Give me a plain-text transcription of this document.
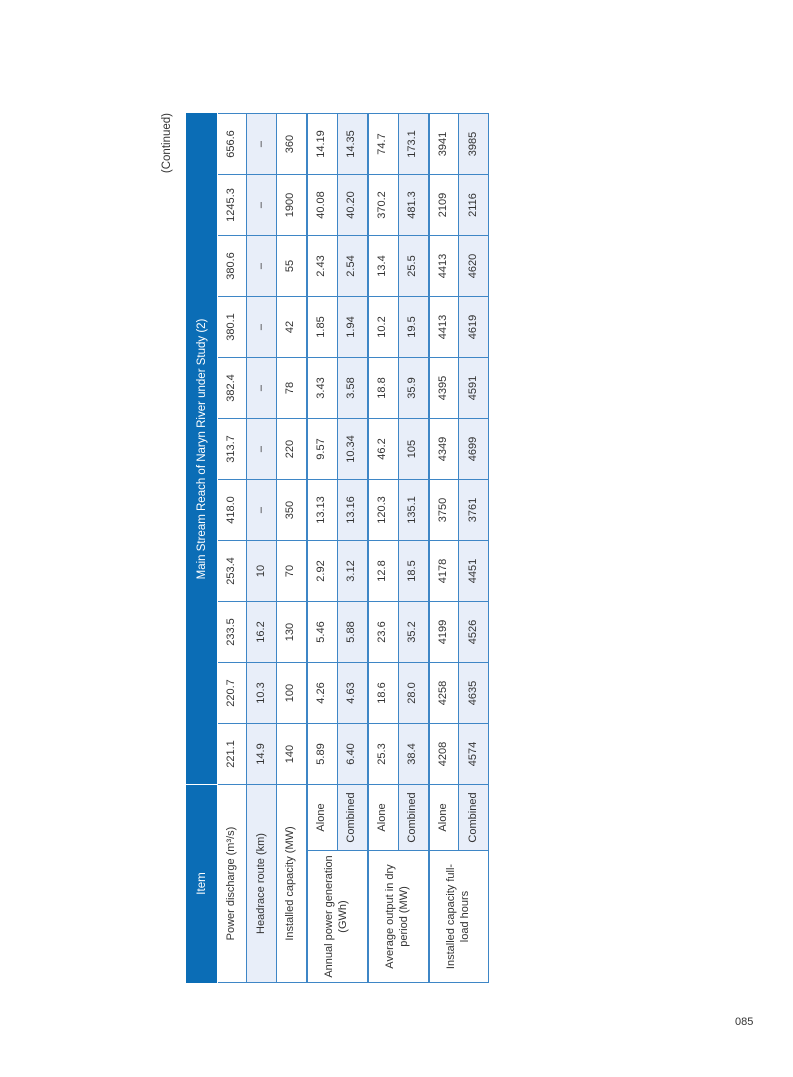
(Continued)
Item		Main Stream Reach of Naryn River under Study (2)										
Power discharge (m³/s)		221.1	220.7	233.5	253.4	418.0	313.7	382.4	380.1	380.6	1245.3	656.6
Headrace route (km)		14.9	10.3	16.2	10	–	–	–	–	–	–	–
Installed capacity (MW)		140	100	130	70	350	220	78	42	55	1900	360
Annual power generation (GWh)	Alone	5.89	4.26	5.46	2.92	13.13	9.57	3.43	1.85	2.43	40.08	14.19
	Combined	6.40	4.63	5.88	3.12	13.16	10.34	3.58	1.94	2.54	40.20	14.35
Average output in dry period (MW)	Alone	25.3	18.6	23.6	12.8	120.3	46.2	18.8	10.2	13.4	370.2	74.7
	Combined	38.4	28.0	35.2	18.5	135.1	105	35.9	19.5	25.5	481.3	173.1
Installed capacity full-load hours	Alone	4208	4258	4199	4178	3750	4349	4395	4413	4413	2109	3941
	Combined	4574	4635	4526	4451	3761	4699	4591	4619	4620	2116	3985
085
